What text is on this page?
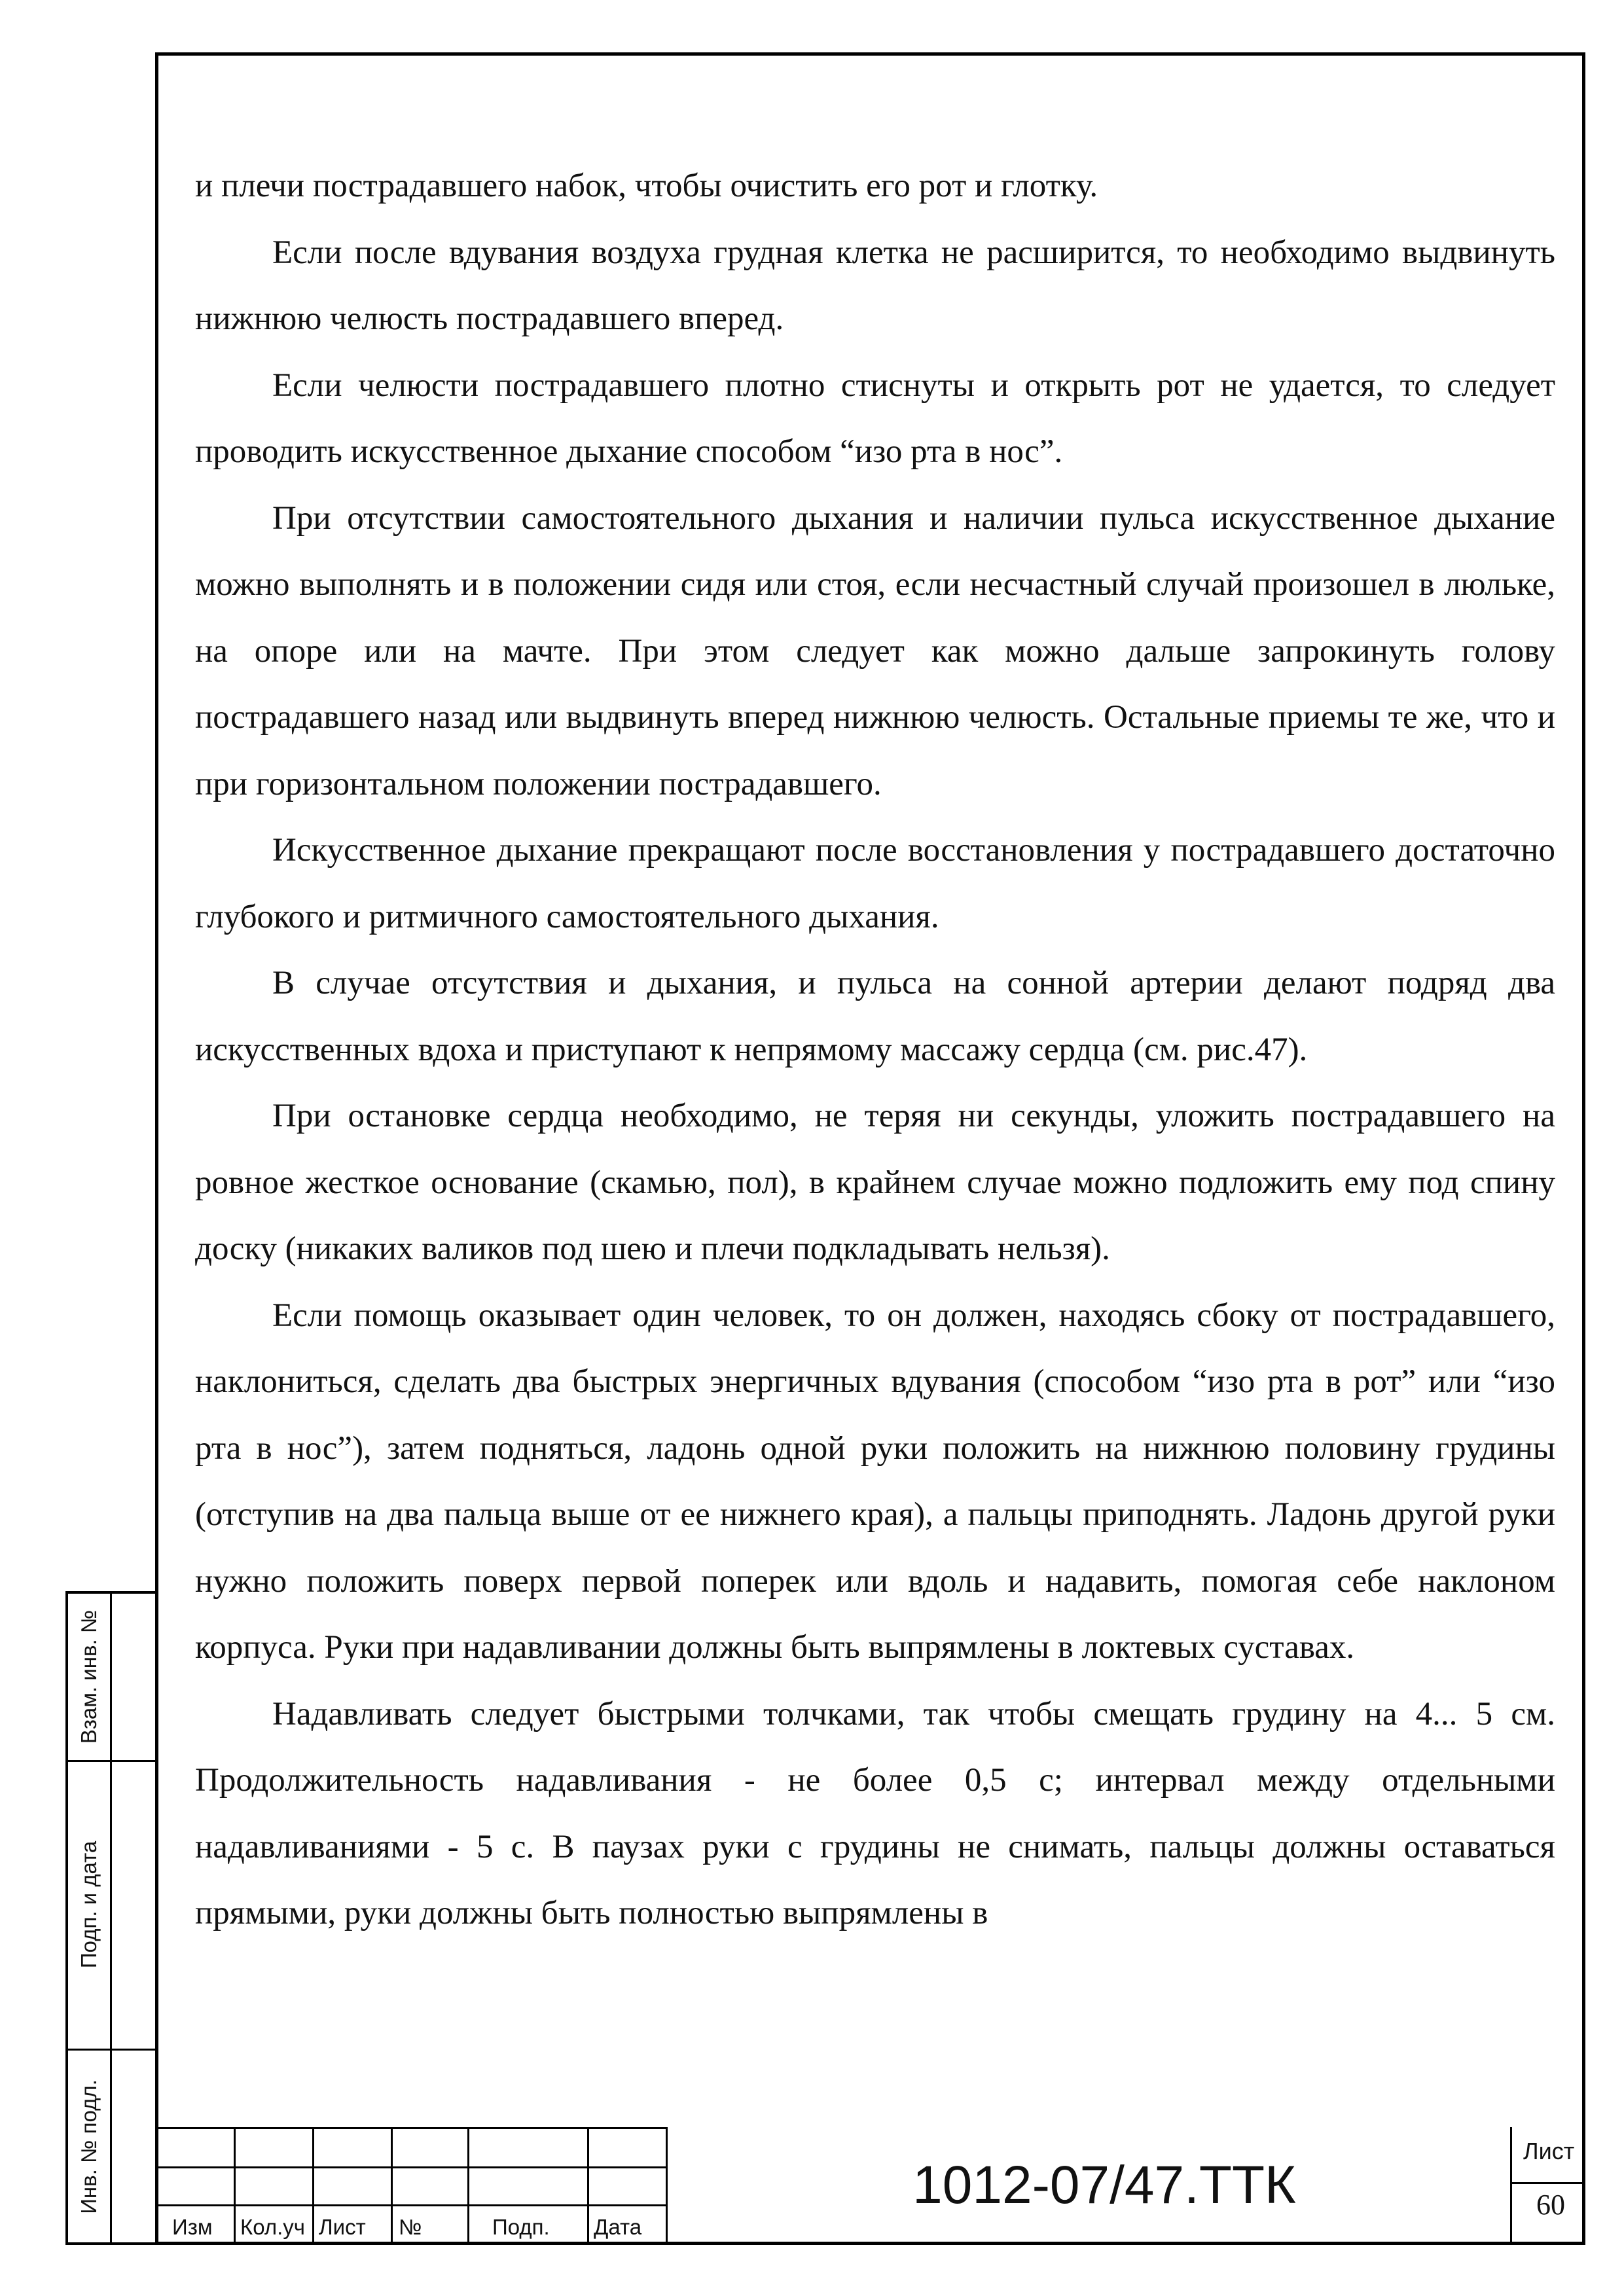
и плечи пострадавшего набок, чтобы очистить его рот и глотку.

Если после вдувания воздуха грудная клетка не расширится, то необходимо выдвинуть нижнюю челюсть пострадавшего вперед.

Если челюсти пострадавшего плотно стиснуты и открыть рот не удается, то следует проводить искусственное дыхание способом “изо рта в нос”.

При отсутствии самостоятельного дыхания и наличии пульса искусственное дыхание можно выполнять и в положении сидя или стоя, если несчастный случай произошел в люльке, на опоре или на мачте. При этом следует как можно дальше запрокинуть голову пострадавшего назад или выдвинуть вперед нижнюю челюсть. Остальные приемы те же, что и при горизонтальном положении пострадавшего.

Искусственное дыхание прекращают после восстановления у пострадавшего достаточно глубокого и ритмичного самостоятельного дыхания.

В случае отсутствия и дыхания, и пульса на сонной артерии делают подряд два искусственных вдоха и приступают к непрямому массажу сердца (см. рис.47).

При остановке сердца необходимо, не теряя ни секунды, уложить пострадавшего на ровное жесткое основание (скамью, пол), в крайнем случае можно подложить ему под спину доску (никаких валиков под шею и плечи подкладывать нельзя).

Если помощь оказывает один человек, то он должен, находясь сбоку от пострадавшего, наклониться, сделать два быстрых энергичных вдувания (способом “изо рта в рот” или “изо рта в нос”), затем подняться, ладонь одной руки положить на нижнюю половину грудины (отступив на два пальца выше от ее нижнего края), а пальцы приподнять. Ладонь другой руки нужно положить поверх первой поперек или вдоль и надавить, помогая себе наклоном корпуса. Руки при надавливании должны быть выпрямлены в локтевых суставах.

Надавливать следует быстрыми толчками, так чтобы смещать грудину на 4... 5 см. Продолжительность надавливания - не более 0,5 с; интервал между отдельными надавливаниями - 5 с. В паузах руки с грудины не снимать, пальцы должны оставаться прямыми, руки должны быть полностью выпрямлены в

Взам. инв. №
Подп. и дата
Инв. № подл.
Изм Кол.уч Лист №	Подп. Дата
1012-07/47.ТТК
Лист
60
